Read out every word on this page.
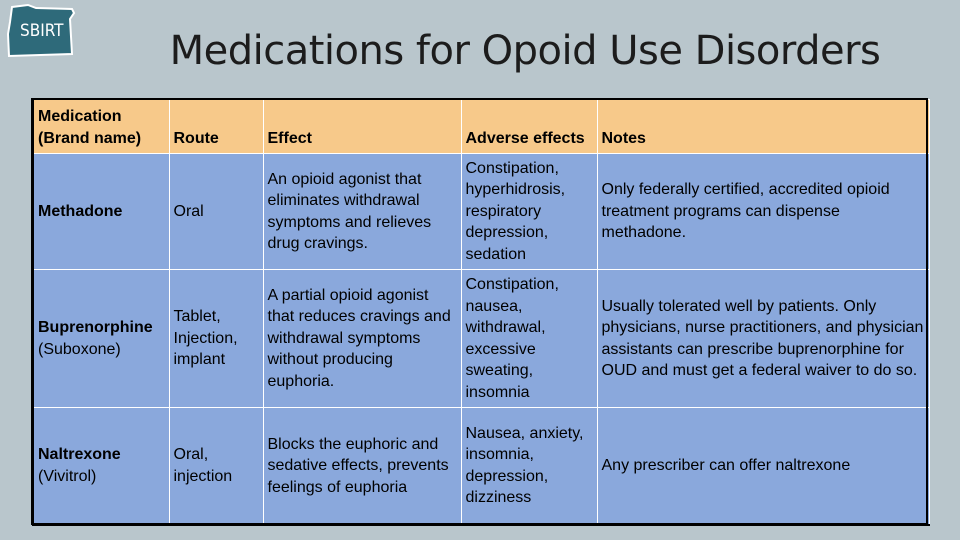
SBIRT	Medications for Opoid Use Disorders
Medication (Brand name)	Route	Effect	Adverse effects	Notes

Methadone	Oral	An opioid agonist that eliminates withdrawal symptoms and relieves drug cravings.	Constipation, hyperhidrosis, respiratory depression, sedation	Only federally certified, accredited opioid treatment programs can dispense methadone.

Buprenorphine
(Suboxone)	Tablet, Injection, implant	A partial opioid agonist that reduces cravings and withdrawal symptoms without producing euphoria.	Constipation, nausea, withdrawal, excessive sweating, insomnia	Usually tolerated well by patients. Only physicians, nurse practitioners, and physician assistants can prescribe buprenorphine for OUD and must get a federal waiver to do so.

Naltrexone
(Vivitrol)	Oral, injection	Blocks the euphoric and sedative effects, prevents feelings of euphoria	Nausea, anxiety, insomnia, depression, dizziness	Any prescriber can offer naltrexone
